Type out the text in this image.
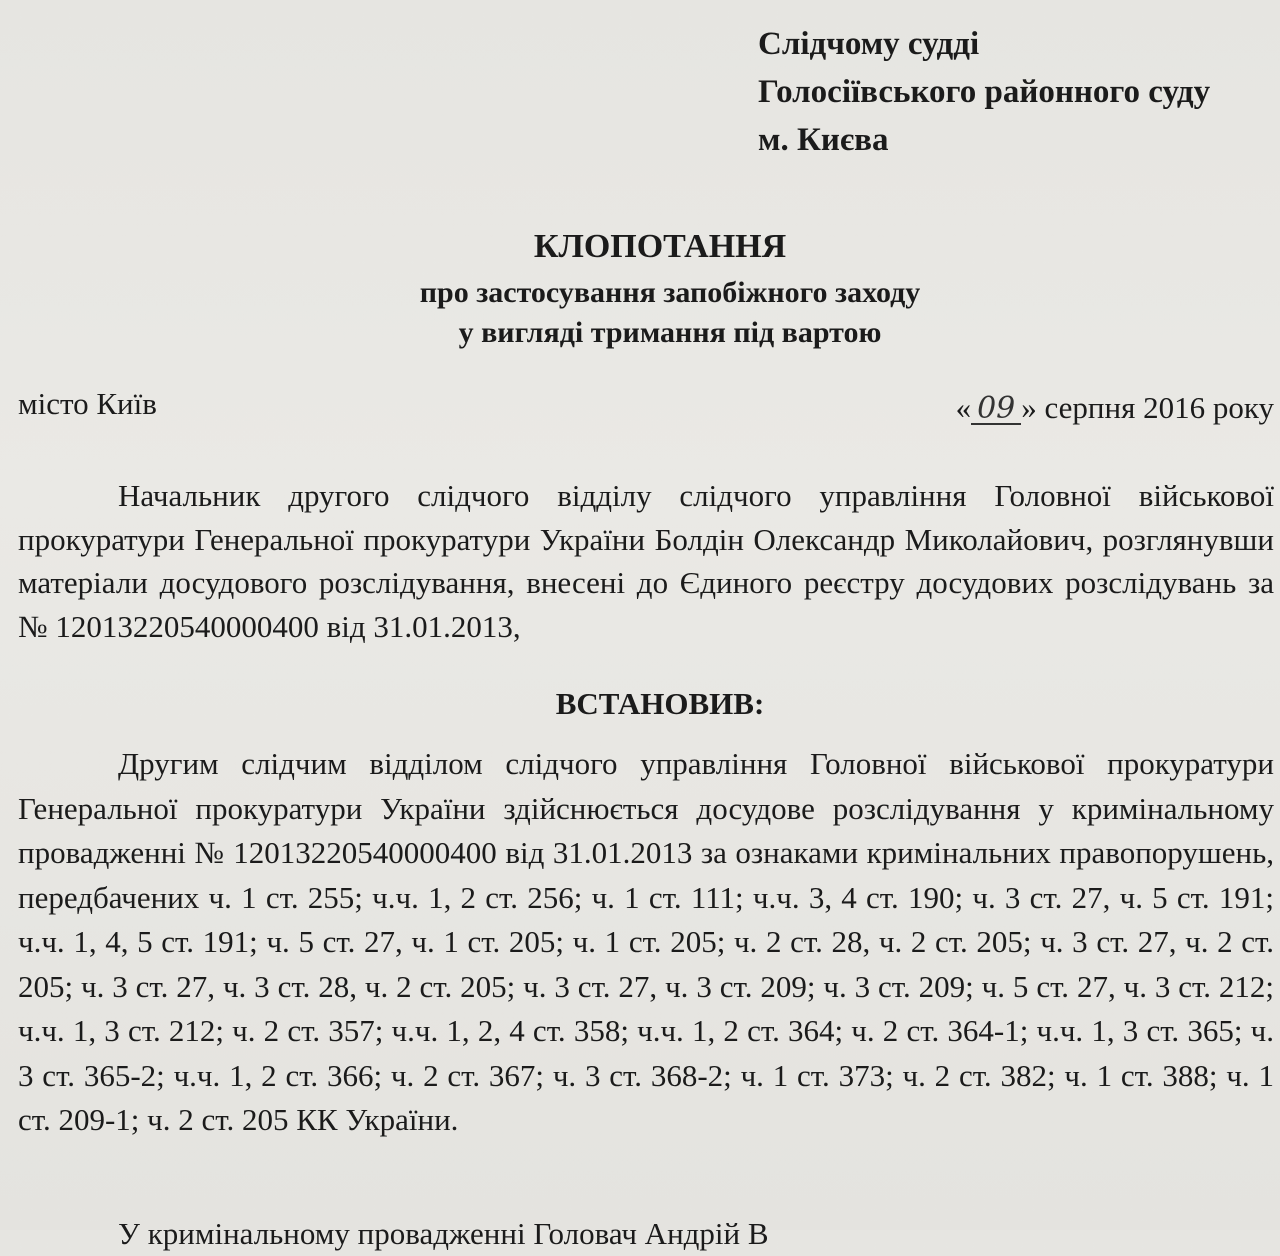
Слідчому судді
Голосіївського районного суду
м. Києва
КЛОПОТАННЯ
про застосування запобіжного заходу
у вигляді тримання під вартою
місто Київ	« 09 » серпня 2016 року
Начальник другого слідчого відділу слідчого управління Головної військової прокуратури Генеральної прокуратури України Болдін Олександр Миколайович, розглянувши матеріали досудового розслідування, внесені до Єдиного реєстру досудових розслідувань за № 12013220540000400 від 31.01.2013,
ВСТАНОВИВ:
Другим слідчим відділом слідчого управління Головної військової прокуратури Генеральної прокуратури України здійснюється досудове розслідування у кримінальному провадженні № 12013220540000400 від 31.01.2013 за ознаками кримінальних правопорушень, передбачених ч. 1 ст. 255; ч.ч. 1, 2 ст. 256; ч. 1 ст. 111; ч.ч. 3, 4 ст. 190; ч. 3 ст. 27, ч. 5 ст. 191; ч.ч. 1, 4, 5 ст. 191; ч. 5 ст. 27, ч. 1 ст. 205; ч. 1 ст. 205; ч. 2 ст. 28, ч. 2 ст. 205; ч. 3 ст. 27, ч. 2 ст. 205; ч. 3 ст. 27, ч. 3 ст. 28, ч. 2 ст. 205; ч. 3 ст. 27, ч. 3 ст. 209; ч. 3 ст. 209; ч. 5 ст. 27, ч. 3 ст. 212; ч.ч. 1, 3 ст. 212; ч. 2 ст. 357; ч.ч. 1, 2, 4 ст. 358; ч.ч. 1, 2 ст. 364; ч. 2 ст. 364-1; ч.ч. 1, 3 ст. 365; ч. 3 ст. 365-2; ч.ч. 1, 2 ст. 366; ч. 2 ст. 367; ч. 3 ст. 368-2; ч. 1 ст. 373; ч. 2 ст. 382; ч. 1 ст. 388; ч. 1 ст. 209-1; ч. 2 ст. 205 КК України.
У кримінальному провадженні Головач Андрій В
